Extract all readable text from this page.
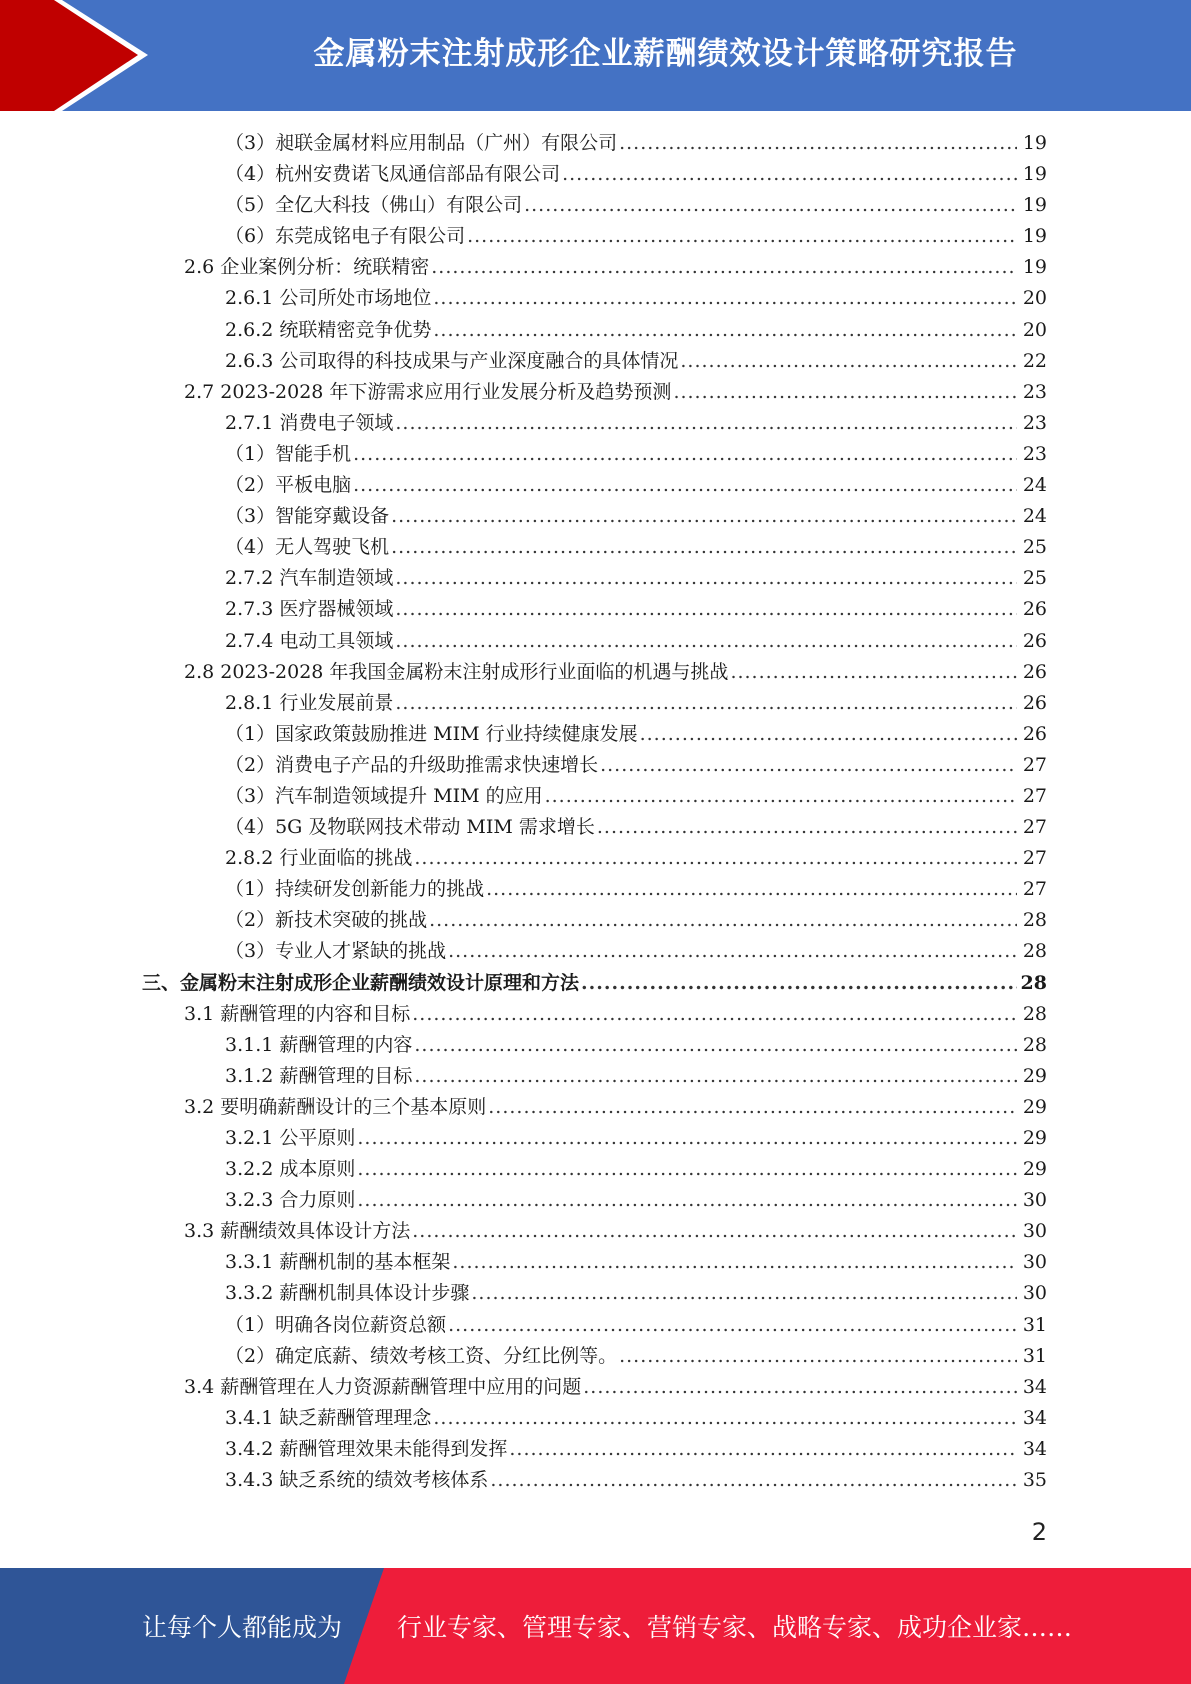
金属粉末注射成形企业薪酬绩效设计策略研究报告
（3）昶联金属材料应用制品（广州）有限公司 .....	19
（4）杭州安费诺飞凤通信部品有限公司 .....	19
（5）全亿大科技（佛山）有限公司 .....	19
（6）东莞成铭电子有限公司 .....	19
2.6 企业案例分析：统联精密 .....	19
2.6.1 公司所处市场地位 .....	20
2.6.2 统联精密竞争优势 .....	20
2.6.3 公司取得的科技成果与产业深度融合的具体情况 .....	22
2.7 2023-2028 年下游需求应用行业发展分析及趋势预测 .....	23
2.7.1 消费电子领域 .....	23
（1）智能手机 .....	23
（2）平板电脑 .....	24
（3）智能穿戴设备 .....	24
（4）无人驾驶飞机 .....	25
2.7.2 汽车制造领域 .....	25
2.7.3 医疗器械领域 .....	26
2.7.4 电动工具领域 .....	26
2.8 2023-2028 年我国金属粉末注射成形行业面临的机遇与挑战 .....	26
2.8.1 行业发展前景 .....	26
（1）国家政策鼓励推进 MIM 行业持续健康发展 .....	26
（2）消费电子产品的升级助推需求快速增长 .....	27
（3）汽车制造领域提升 MIM 的应用 .....	27
（4）5G 及物联网技术带动 MIM 需求增长 .....	27
2.8.2 行业面临的挑战 .....	27
（1）持续研发创新能力的挑战 .....	27
（2）新技术突破的挑战 .....	28
（3）专业人才紧缺的挑战 .....	28
三、金属粉末注射成形企业薪酬绩效设计原理和方法 .....	28
3.1 薪酬管理的内容和目标 .....	28
3.1.1 薪酬管理的内容 .....	28
3.1.2 薪酬管理的目标 .....	29
3.2 要明确薪酬设计的三个基本原则 .....	29
3.2.1 公平原则 .....	29
3.2.2 成本原则 .....	29
3.2.3 合力原则 .....	30
3.3 薪酬绩效具体设计方法 .....	30
3.3.1 薪酬机制的基本框架 .....	30
3.3.2 薪酬机制具体设计步骤 .....	30
（1）明确各岗位薪资总额 .....	31
（2）确定底薪、绩效考核工资、分红比例等。 .....	31
3.4 薪酬管理在人力资源薪酬管理中应用的问题 .....	34
3.4.1 缺乏薪酬管理理念 .....	34
3.4.2 薪酬管理效果未能得到发挥 .....	34
3.4.3 缺乏系统的绩效考核体系 .....	35
2
让每个人都能成为 行业专家、管理专家、营销专家、战略专家、成功企业家……
